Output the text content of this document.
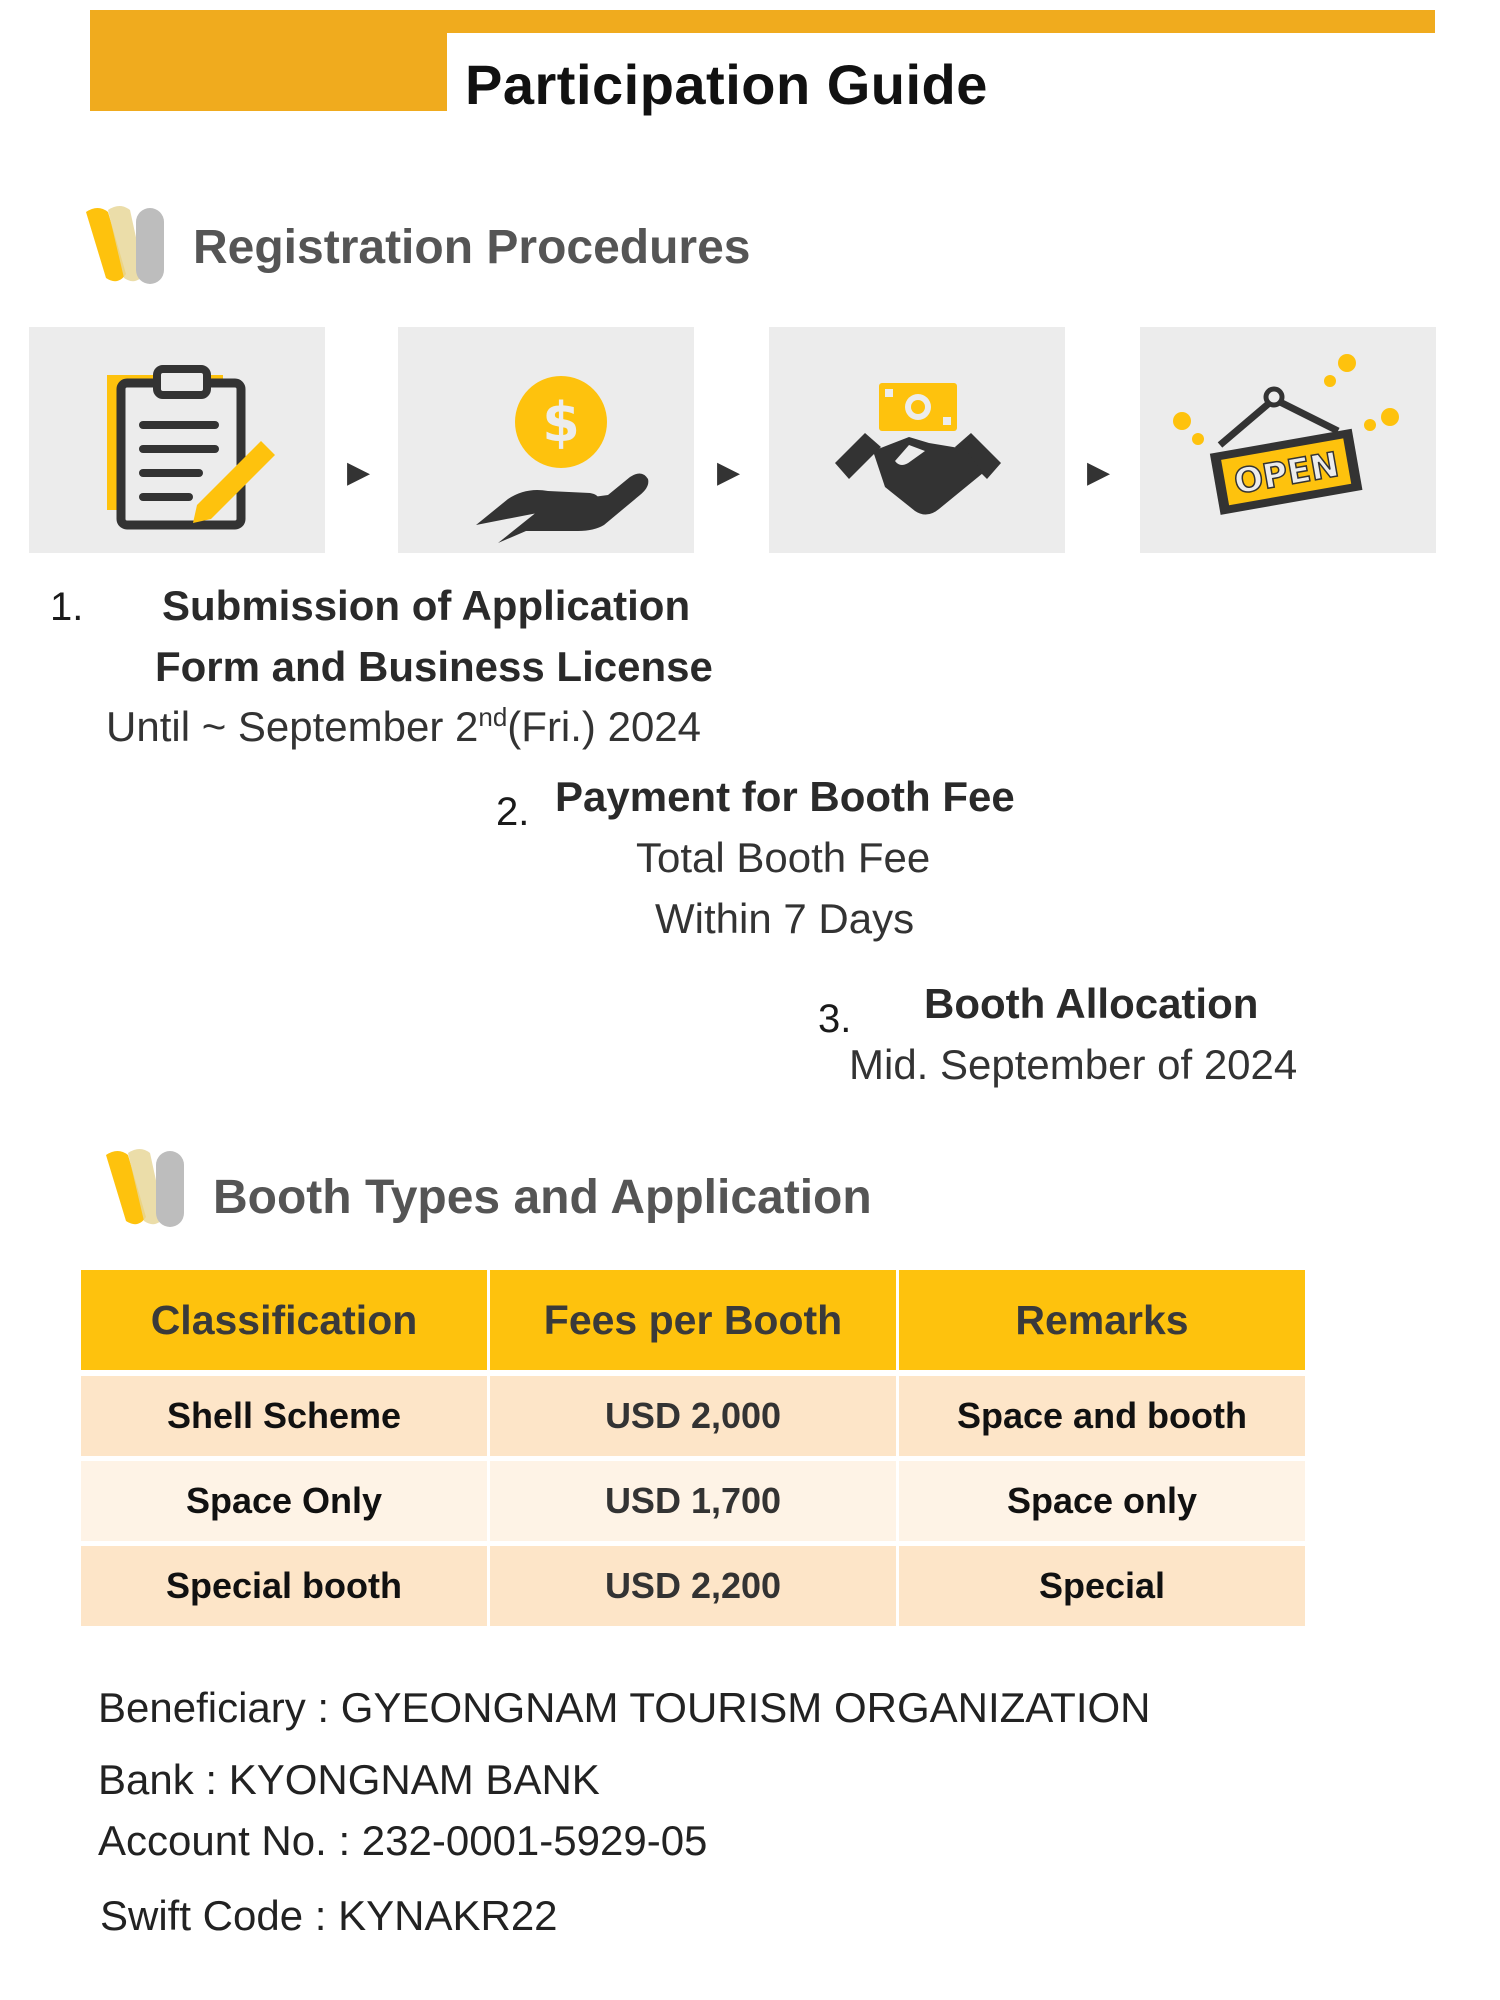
Participation Guide
Registration Procedures
▶
$
▶	▶	OPEN
1. Submission of Application
Form and Business License
Until ~ September 2nd(Fri.) 2024
2. Payment for Booth Fee
Total Booth Fee
Within 7 Days
3. Booth Allocation
Mid. September of 2024
Booth Types and Application
Classification	Fees per Booth	Remarks
Shell Scheme	USD 2,000	Space and booth
Space Only	USD 1,700	Space only
Special booth	USD 2,200	Special
Beneficiary : GYEONGNAM TOURISM ORGANIZATION
Bank : KYONGNAM BANK
Account No. : 232-0001-5929-05
Swift Code : KYNAKR22
